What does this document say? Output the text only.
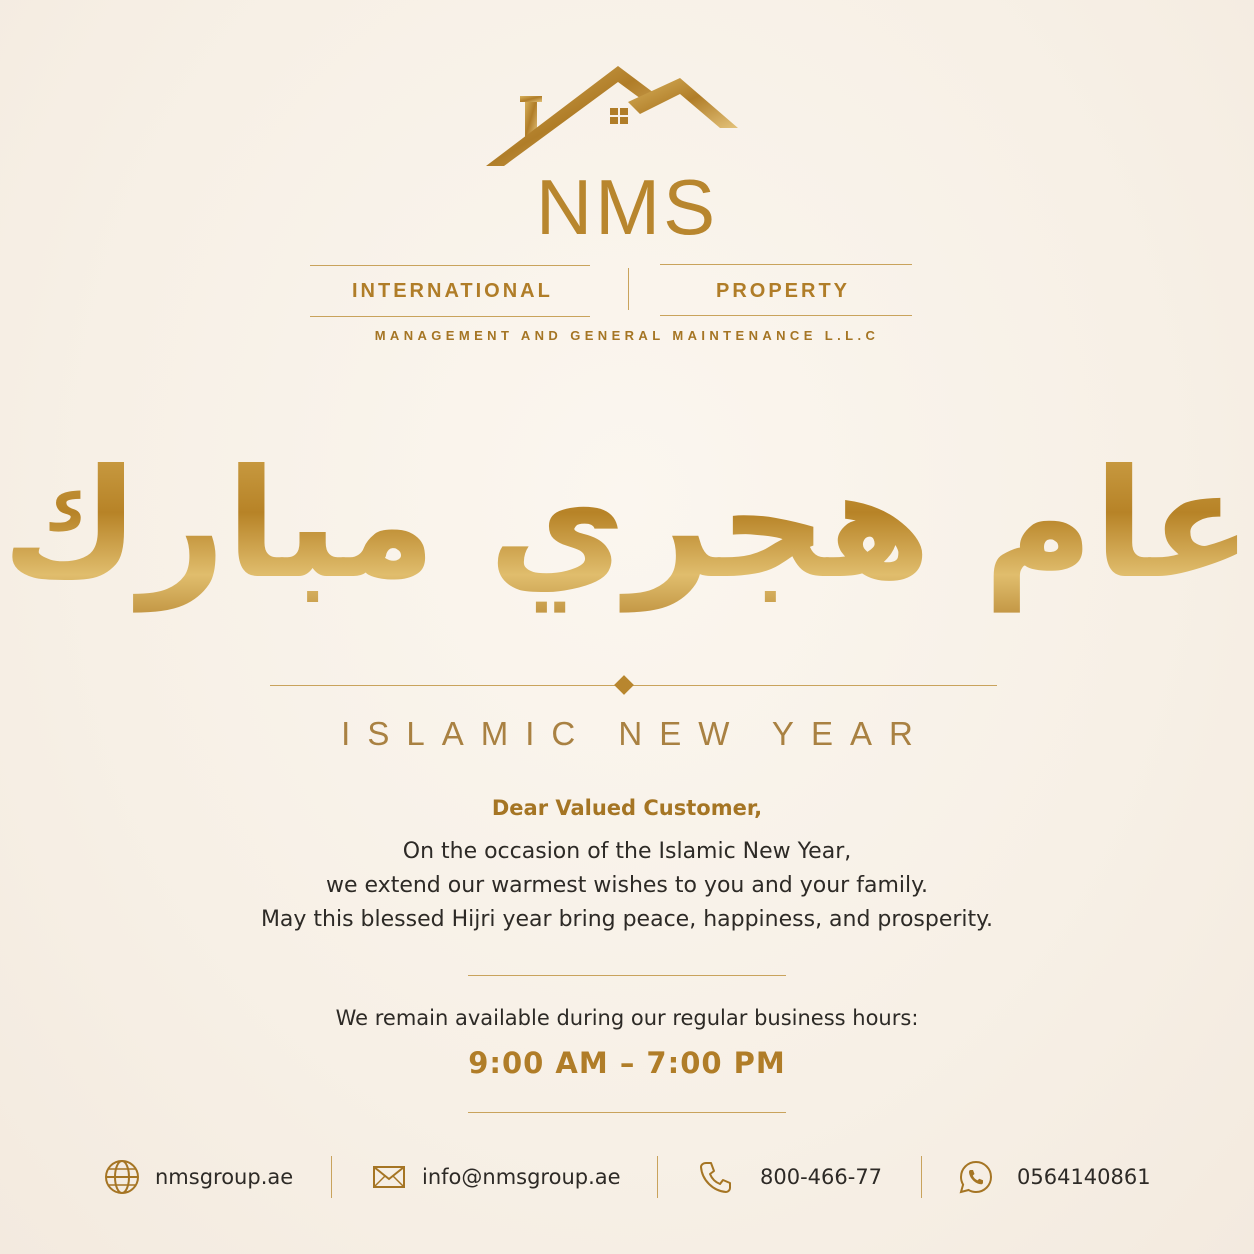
NMS
INTERNATIONAL	PROPERTY
MANAGEMENT AND GENERAL MAINTENANCE L.L.C
عام هجري مبارك
ISLAMIC NEW YEAR
Dear Valued Customer,
On the occasion of the Islamic New Year,
we extend our warmest wishes to you and your family.
May this blessed Hijri year bring peace, happiness, and prosperity.
We remain available during our regular business hours:
9:00 AM – 7:00 PM
nmsgroup.ae	info@nmsgroup.ae	800-466-77	0564140861
